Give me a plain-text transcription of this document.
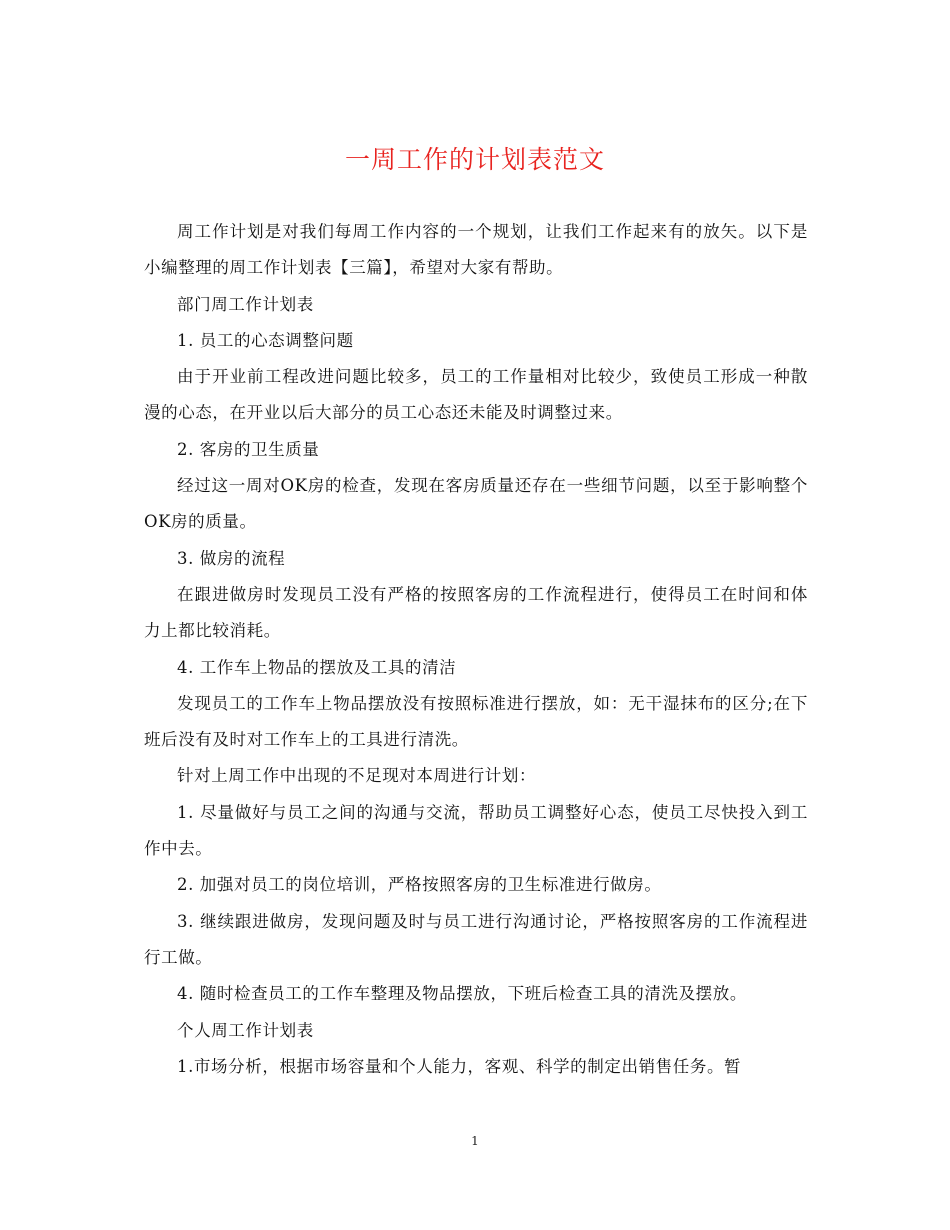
一周工作的计划表范文

周工作计划是对我们每周工作内容的一个规划，让我们工作起来有的放矢。以下是小编整理的周工作计划表【三篇】，希望对大家有帮助。

部门周工作计划表

1. 员工的心态调整问题

由于开业前工程改进问题比较多，员工的工作量相对比较少，致使员工形成一种散漫的心态，在开业以后大部分的员工心态还未能及时调整过来。

2. 客房的卫生质量

经过这一周对OK房的检查，发现在客房质量还存在一些细节问题，以至于影响整个OK房的质量。

3. 做房的流程

在跟进做房时发现员工没有严格的按照客房的工作流程进行，使得员工在时间和体力上都比较消耗。

4. 工作车上物品的摆放及工具的清洁

发现员工的工作车上物品摆放没有按照标准进行摆放，如：无干湿抹布的区分;在下班后没有及时对工作车上的工具进行清洗。

针对上周工作中出现的不足现对本周进行计划：

1. 尽量做好与员工之间的沟通与交流，帮助员工调整好心态，使员工尽快投入到工作中去。

2. 加强对员工的岗位培训，严格按照客房的卫生标准进行做房。

3. 继续跟进做房，发现问题及时与员工进行沟通讨论，严格按照客房的工作流程进行工做。

4. 随时检查员工的工作车整理及物品摆放，下班后检查工具的清洗及摆放。

个人周工作计划表

1.市场分析，根据市场容量和个人能力，客观、科学的制定出销售任务。暂

1
